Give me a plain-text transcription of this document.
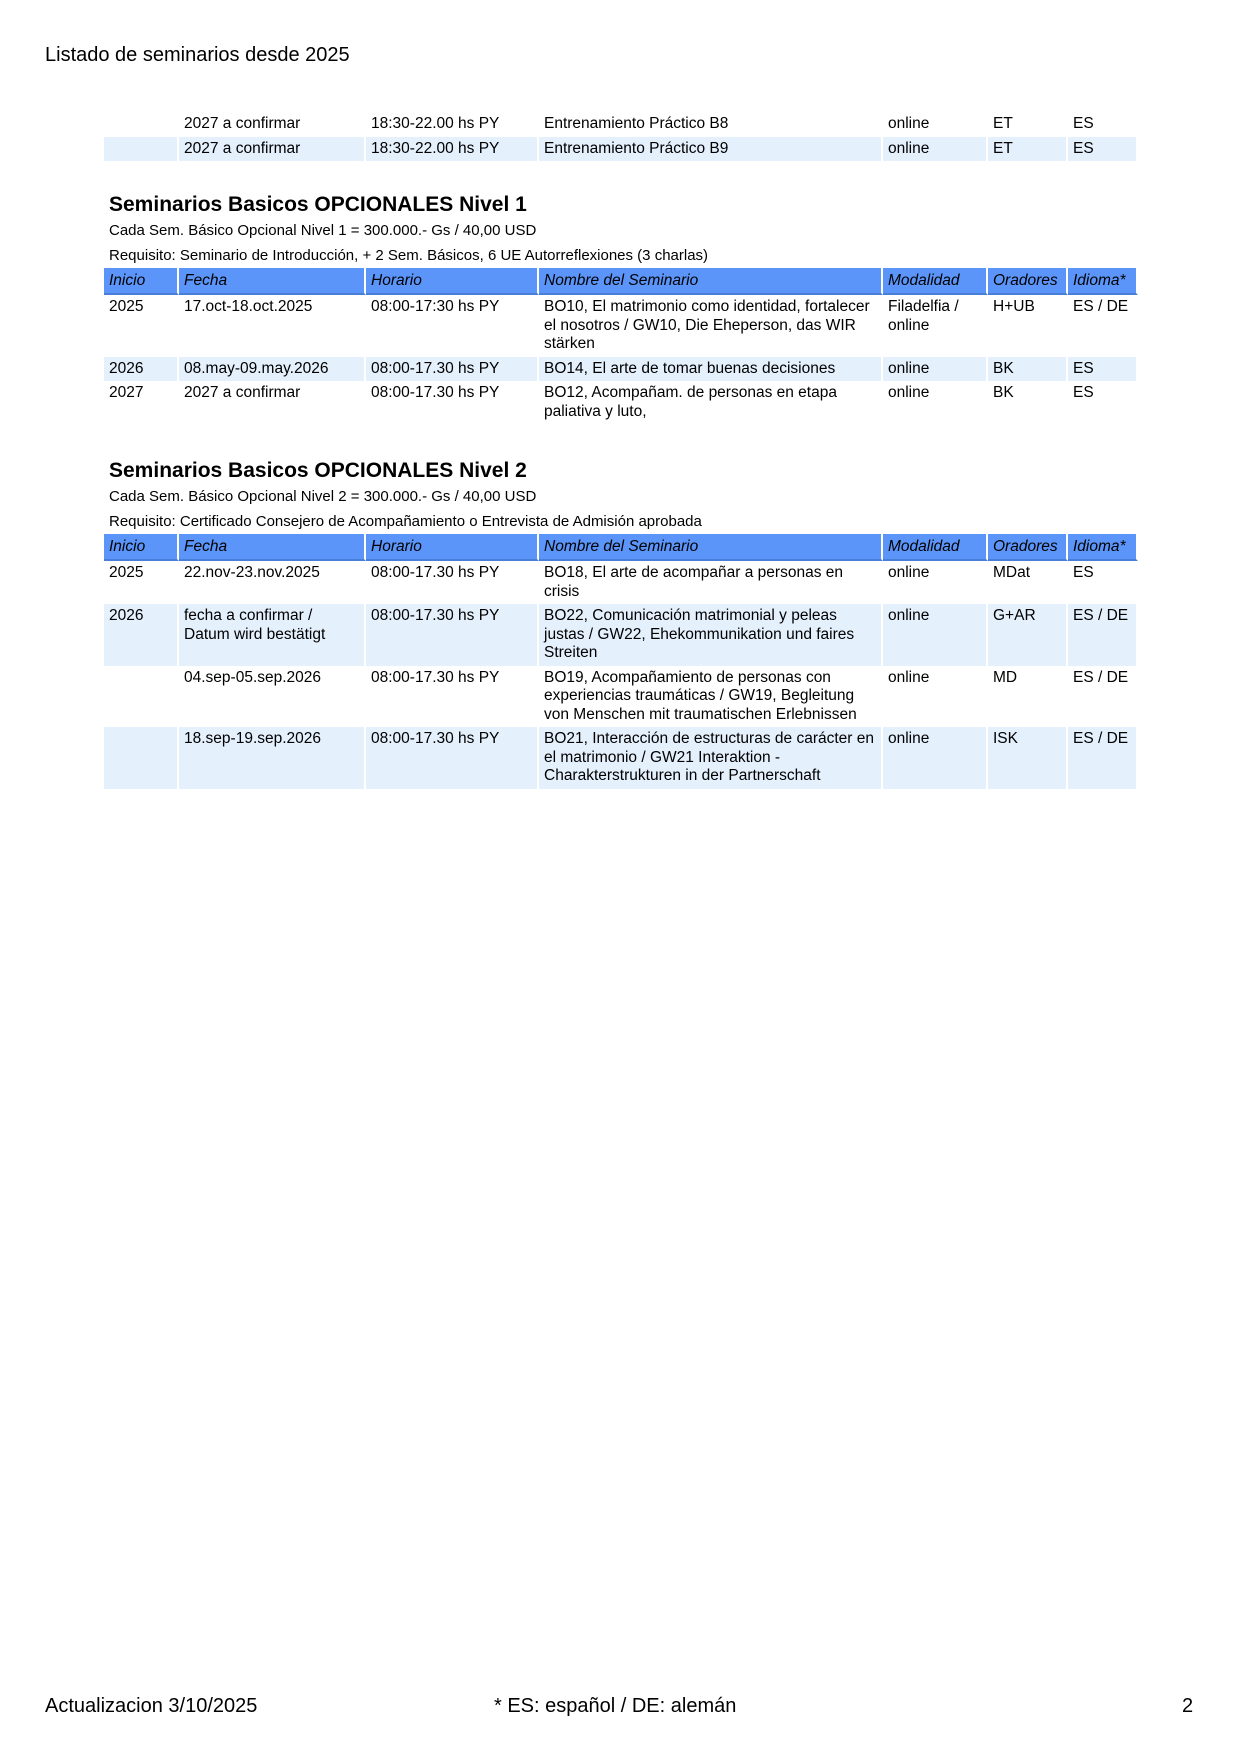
Listado de seminarios desde 2025
	2027 a confirmar	18:30-22.00 hs PY	Entrenamiento Práctico B8	online	ET	ES
	2027 a confirmar	18:30-22.00 hs PY	Entrenamiento Práctico B9	online	ET	ES
Seminarios Basicos OPCIONALES Nivel 1
Cada Sem. Básico Opcional Nivel 1 = 300.000.- Gs / 40,00 USD
Requisito: Seminario de Introducción, + 2 Sem. Básicos, 6 UE Autorreflexiones (3 charlas)
Inicio	Fecha	Horario	Nombre del Seminario	Modalidad	Oradores	Idioma*
2025	17.oct-18.oct.2025	08:00-17:30 hs PY	BO10, El matrimonio como identidad, fortalecer el nosotros / GW10, Die Eheperson, das WIR stärken	Filadelfia / online	H+UB	ES / DE
2026	08.may-09.may.2026	08:00-17.30 hs PY	BO14, El arte de tomar buenas decisiones	online	BK	ES
2027	2027 a confirmar	08:00-17.30 hs PY	BO12, Acompañam. de personas en etapa paliativa y luto,	online	BK	ES
Seminarios Basicos OPCIONALES Nivel 2
Cada Sem. Básico Opcional Nivel 2 = 300.000.- Gs / 40,00 USD
Requisito: Certificado Consejero de Acompañamiento o Entrevista de Admisión aprobada
Inicio	Fecha	Horario	Nombre del Seminario	Modalidad	Oradores	Idioma*
2025	22.nov-23.nov.2025	08:00-17.30 hs PY	BO18, El arte de acompañar a personas en crisis	online	MDat	ES
2026	fecha a confirmar / Datum wird bestätigt	08:00-17.30 hs PY	BO22, Comunicación matrimonial y peleas justas / GW22, Ehekommunikation und faires Streiten	online	G+AR	ES / DE
	04.sep-05.sep.2026	08:00-17.30 hs PY	BO19, Acompañamiento de personas con experiencias traumáticas / GW19, Begleitung von Menschen mit traumatischen Erlebnissen	online	MD	ES / DE
	18.sep-19.sep.2026	08:00-17.30 hs PY	BO21, Interacción de estructuras de carácter en el matrimonio / GW21 Interaktion - Charakterstrukturen in der Partnerschaft	online	ISK	ES / DE
Actualizacion 3/10/2025	* ES: español / DE: alemán	2
